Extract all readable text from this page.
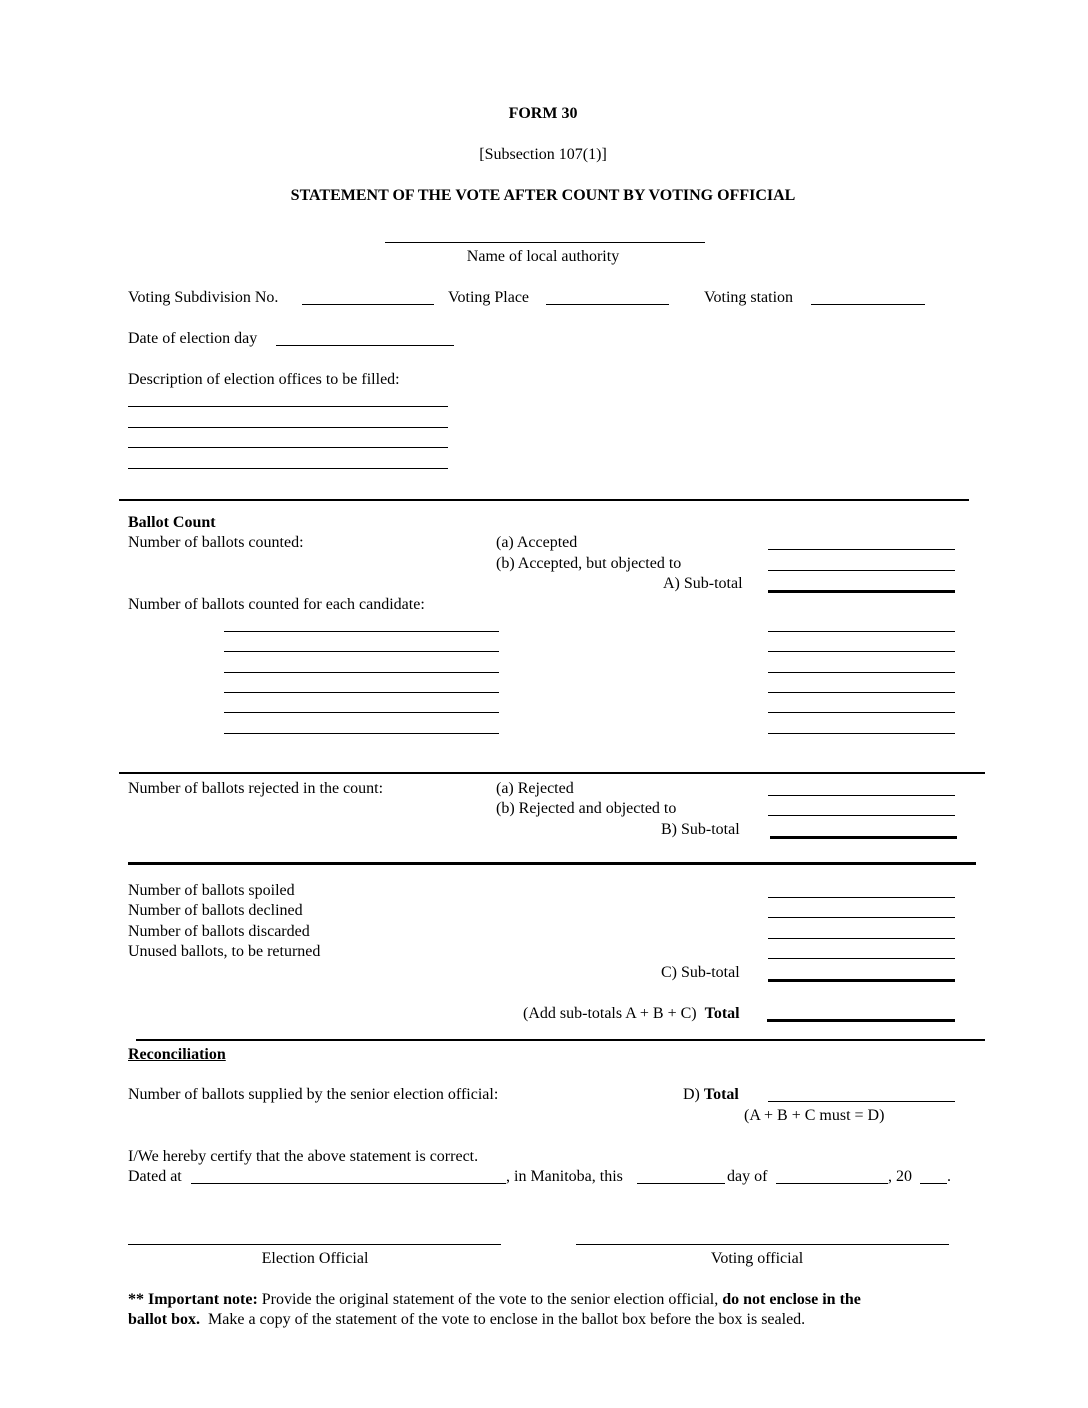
FORM 30
[Subsection 107(1)]
STATEMENT OF THE VOTE AFTER COUNT BY VOTING OFFICIAL
Name of local authority
Voting Subdivision No.	Voting Place	Voting station
Date of election day
Description of election offices to be filled:
Ballot Count
Number of ballots counted:	(a) Accepted
(b) Accepted, but objected to
A) Sub-total
Number of ballots counted for each candidate:
Number of ballots rejected in the count:	(a) Rejected
(b) Rejected and objected to
B) Sub-total
Number of ballots spoiled
Number of ballots declined
Number of ballots discarded
Unused ballots, to be returned
C) Sub-total
(Add sub-totals A + B + C) Total
Reconciliation
Number of ballots supplied by the senior election official:	D) Total
(A + B + C must = D)
I/We hereby certify that the above statement is correct.
Dated at	, in Manitoba, this	day of	, 20 .
Election Official	Voting official
** Important note: Provide the original statement of the vote to the senior election official, do not enclose in the
ballot box. Make a copy of the statement of the vote to enclose in the ballot box before the box is sealed.
